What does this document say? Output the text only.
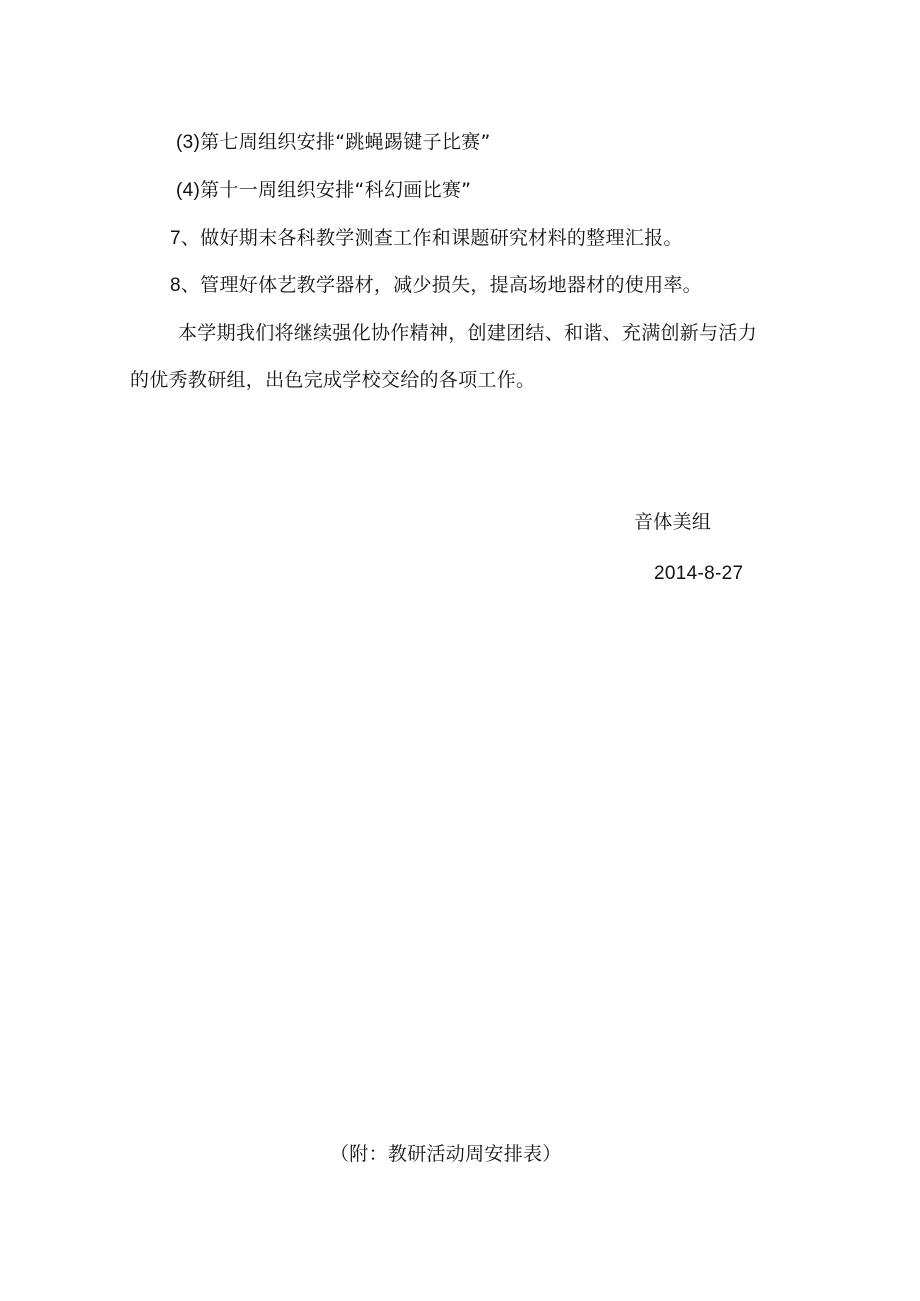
(3)第七周组织安排“跳蝇踢键子比赛”
(4)第十一周组织安排“科幻画比赛”
7、做好期末各科教学测查工作和课题研究材料的整理汇报。
8、管理好体艺教学器材，减少损失，提高场地器材的使用率。
本学期我们将继续强化协作精神，创建团结、和谐、充满创新与活力
的优秀教研组，出色完成学校交给的各项工作。
音体美组
2014-8-27
（附：教研活动周安排表）
